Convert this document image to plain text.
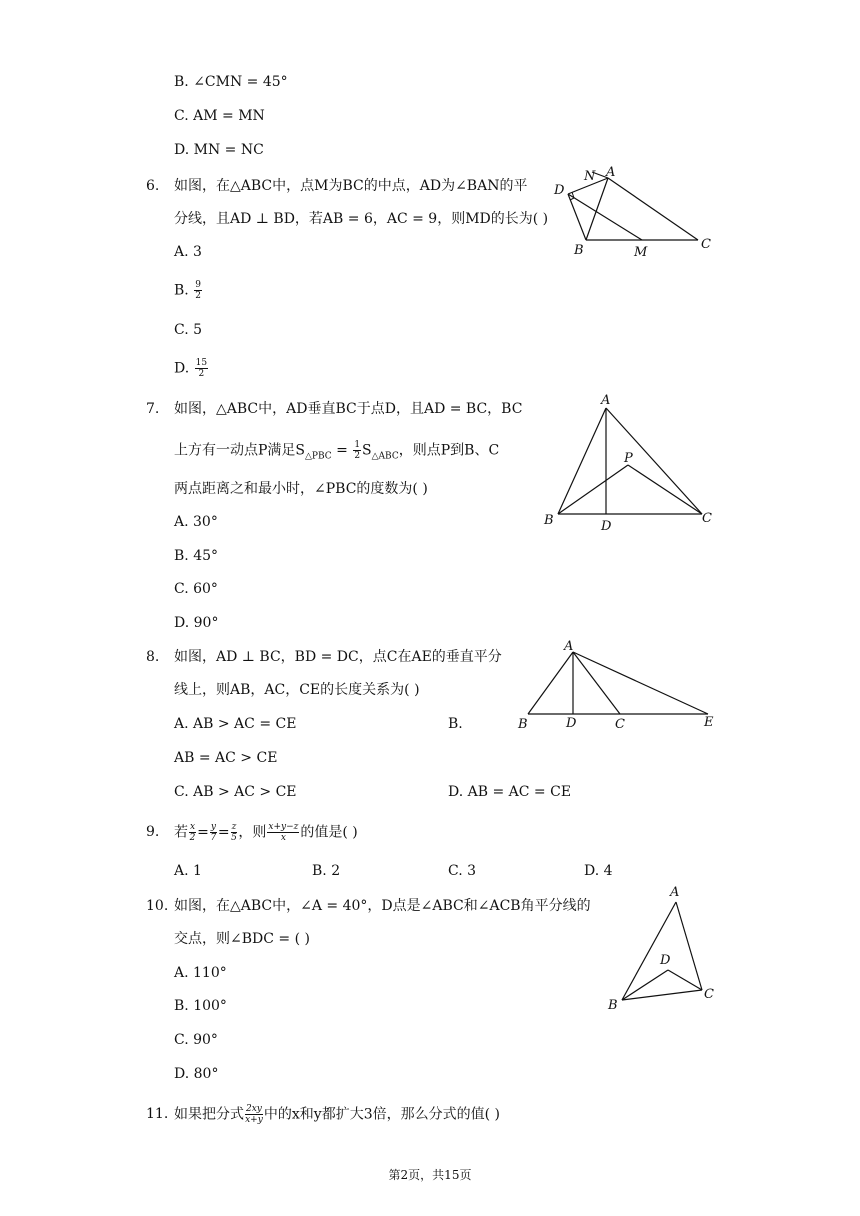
B. ∠CMN = 45°
C. AM = MN
D. MN = NC
6. 如图，在△ABC中，点M为BC的中点，AD为∠BAN的平
分线，且AD ⊥ BD，若AB = 6，AC = 9，则MD的长为( )
A. 3
B. $\frac{9}{2}$
C. 5
D. $\frac{15}{2}$
D
N A
B	M
C
7. 如图，△ABC中，AD垂直BC于点D，且AD = BC，BC
上方有一动点P满足$S_{\triangle PBC} = \frac{1}{2} S_{\triangle ABC}$，则点P到B、C
两点距离之和最小时，∠PBC的度数为( )
A. 30°
B. 45°
C. 60°
D. 90°
A
P
B	D
C
8. 如图，AD ⊥ BC，BD = DC，点C在AE的垂直平分
线上，则AB，AC，CE的长度关系为( )
A. AB > AC = CE	B.
AB = AC > CE
C. AB > AC > CE	D. AB = AC = CE
A
B	D	C	E
9. 若 $\frac{x}{2} = \frac{y}{7} = \frac{z}{5}$ ，则 $\frac{x+y-z}{x}$ 的值是( )
A. 1	B. 2	C. 3	D. 4
10. 如图，在△ABC中，∠A = 40°，D点是∠ABC和∠ACB角平分线的
交点，则∠BDC = ( )
A. 110°
B. 100°
C. 90°
D. 80°
A
D
B
C
11. 如果把分式 $\frac{2xy}{x+y}$ 中的x和y都扩大3倍，那么分式的值( )
第2页，共15页
